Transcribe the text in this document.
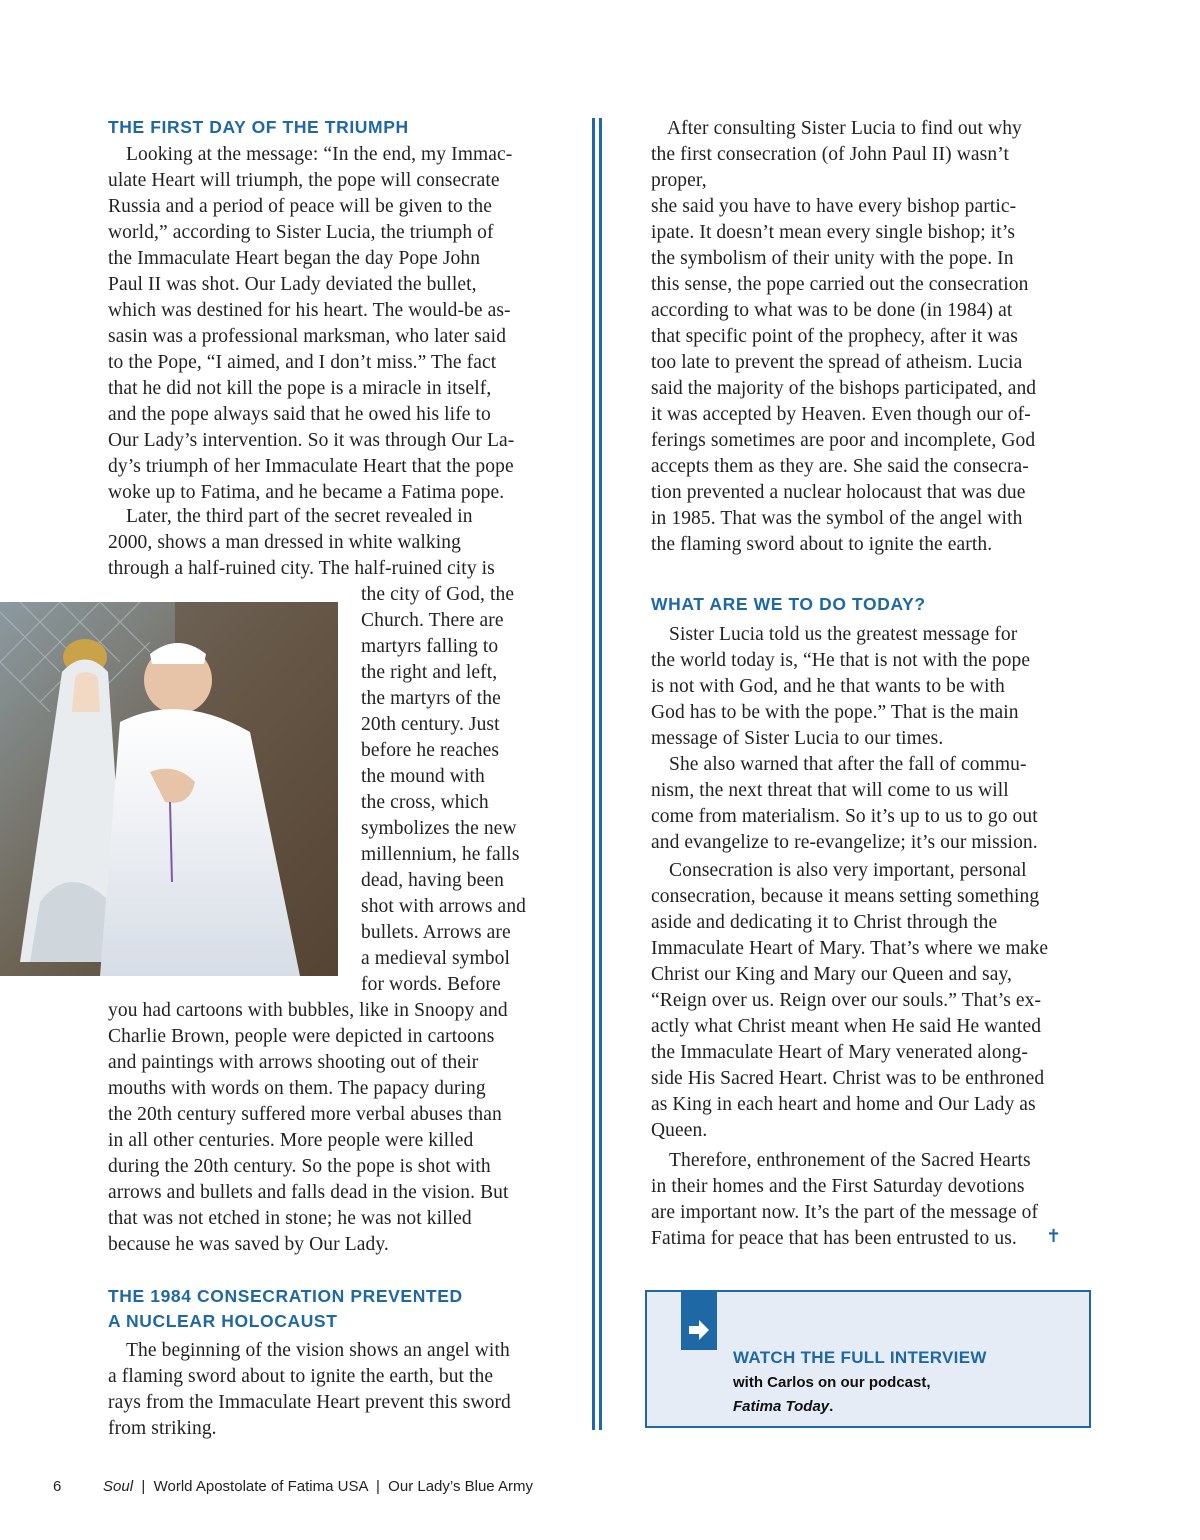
THE FIRST DAY OF THE TRIUMPH

Looking at the message: “In the end, my Immac-
ulate Heart will triumph, the pope will consecrate
Russia and a period of peace will be given to the
world,” according to Sister Lucia, the triumph of
the Immaculate Heart began the day Pope John
Paul II was shot. Our Lady deviated the bullet,
which was destined for his heart. The would-be as-
sasin was a professional marksman, who later said
to the Pope, “I aimed, and I don’t miss.” The fact
that he did not kill the pope is a miracle in itself,
and the pope always said that he owed his life to
Our Lady’s intervention. So it was through Our La-
dy’s triumph of her Immaculate Heart that the pope
woke up to Fatima, and he became a Fatima pope.

Later, the third part of the secret revealed in
2000, shows a man dressed in white walking
through a half-ruined city. The half-ruined city is

the city of God, the
Church. There are
martyrs falling to
the right and left,
the martyrs of the
20th century. Just
before he reaches
the mound with
the cross, which
symbolizes the new
millennium, he falls
dead, having been
shot with arrows and
bullets. Arrows are
a medieval symbol
for words. Before

you had cartoons with bubbles, like in Snoopy and
Charlie Brown, people were depicted in cartoons
and paintings with arrows shooting out of their
mouths with words on them. The papacy during
the 20th century suffered more verbal abuses than
in all other centuries. More people were killed
during the 20th century. So the pope is shot with
arrows and bullets and falls dead in the vision. But
that was not etched in stone; he was not killed
because he was saved by Our Lady.

THE 1984 CONSECRATION PREVENTED
A NUCLEAR HOLOCAUST

The beginning of the vision shows an angel with
a flaming sword about to ignite the earth, but the
rays from the Immaculate Heart prevent this sword
from striking.

After consulting Sister Lucia to find out why
the first consecration (of John Paul II) wasn’t
proper,
she said you have to have every bishop partic-
ipate. It doesn’t mean every single bishop; it’s
the symbolism of their unity with the pope. In
this sense, the pope carried out the consecration
according to what was to be done (in 1984) at
that specific point of the prophecy, after it was
too late to prevent the spread of atheism. Lucia
said the majority of the bishops participated, and
it was accepted by Heaven. Even though our of-
ferings sometimes are poor and incomplete, God
accepts them as they are. She said the consecra-
tion prevented a nuclear holocaust that was due
in 1985. That was the symbol of the angel with
the flaming sword about to ignite the earth.

WHAT ARE WE TO DO TODAY?

Sister Lucia told us the greatest message for
the world today is, “He that is not with the pope
is not with God, and he that wants to be with
God has to be with the pope.” That is the main
message of Sister Lucia to our times.

She also warned that after the fall of commu-
nism, the next threat that will come to us will
come from materialism. So it’s up to us to go out
and evangelize to re-evangelize; it’s our mission.

Consecration is also very important, personal
consecration, because it means setting something
aside and dedicating it to Christ through the
Immaculate Heart of Mary. That’s where we make
Christ our King and Mary our Queen and say,
“Reign over us. Reign over our souls.” That’s ex-
actly what Christ meant when He said He wanted
the Immaculate Heart of Mary venerated along-
side His Sacred Heart. Christ was to be enthroned
as King in each heart and home and Our Lady as
Queen.

Therefore, enthronement of the Sacred Hearts
in their homes and the First Saturday devotions
are important now. It’s the part of the message of
Fatima for peace that has been entrusted to us.	✝
WATCH THE FULL INTERVIEW
with Carlos on our podcast,
Fatima Today.
6	Soul  |  World Apostolate of Fatima USA  |  Our Lady’s Blue Army
